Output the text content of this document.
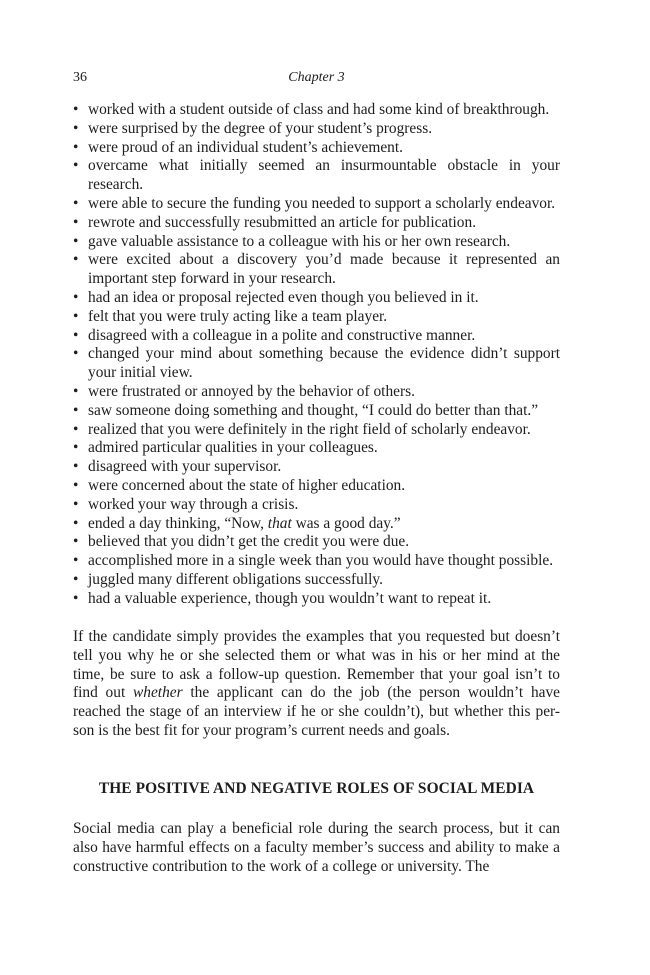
36	Chapter 3
• worked with a student outside of class and had some kind of breakthrough.
• were surprised by the degree of your student’s progress.
• were proud of an individual student’s achievement.
• overcame what initially seemed an insurmountable obstacle in your research.
• were able to secure the funding you needed to support a scholarly endeavor.
• rewrote and successfully resubmitted an article for publication.
• gave valuable assistance to a colleague with his or her own research.
• were excited about a discovery you’d made because it represented an important step forward in your research.
• had an idea or proposal rejected even though you believed in it.
• felt that you were truly acting like a team player.
• disagreed with a colleague in a polite and constructive manner.
• changed your mind about something because the evidence didn’t support your initial view.
• were frustrated or annoyed by the behavior of others.
• saw someone doing something and thought, “I could do better than that.”
• realized that you were definitely in the right field of scholarly endeavor.
• admired particular qualities in your colleagues.
• disagreed with your supervisor.
• were concerned about the state of higher education.
• worked your way through a crisis.
• ended a day thinking, “Now, that was a good day.”
• believed that you didn’t get the credit you were due.
• accomplished more in a single week than you would have thought possible.
• juggled many different obligations successfully.
• had a valuable experience, though you wouldn’t want to repeat it.

If the candidate simply provides the examples that you requested but doesn’t tell you why he or she selected them or what was in his or her mind at the time, be sure to ask a follow-up question. Remember that your goal isn’t to find out whether the applicant can do the job (the person wouldn’t have reached the stage of an interview if he or she couldn’t), but whether this per-son is the best fit for your program’s current needs and goals.

THE POSITIVE AND NEGATIVE ROLES OF SOCIAL MEDIA

Social media can play a beneficial role during the search process, but it can also have harmful effects on a faculty member’s success and ability to make a constructive contribution to the work of a college or university. The
